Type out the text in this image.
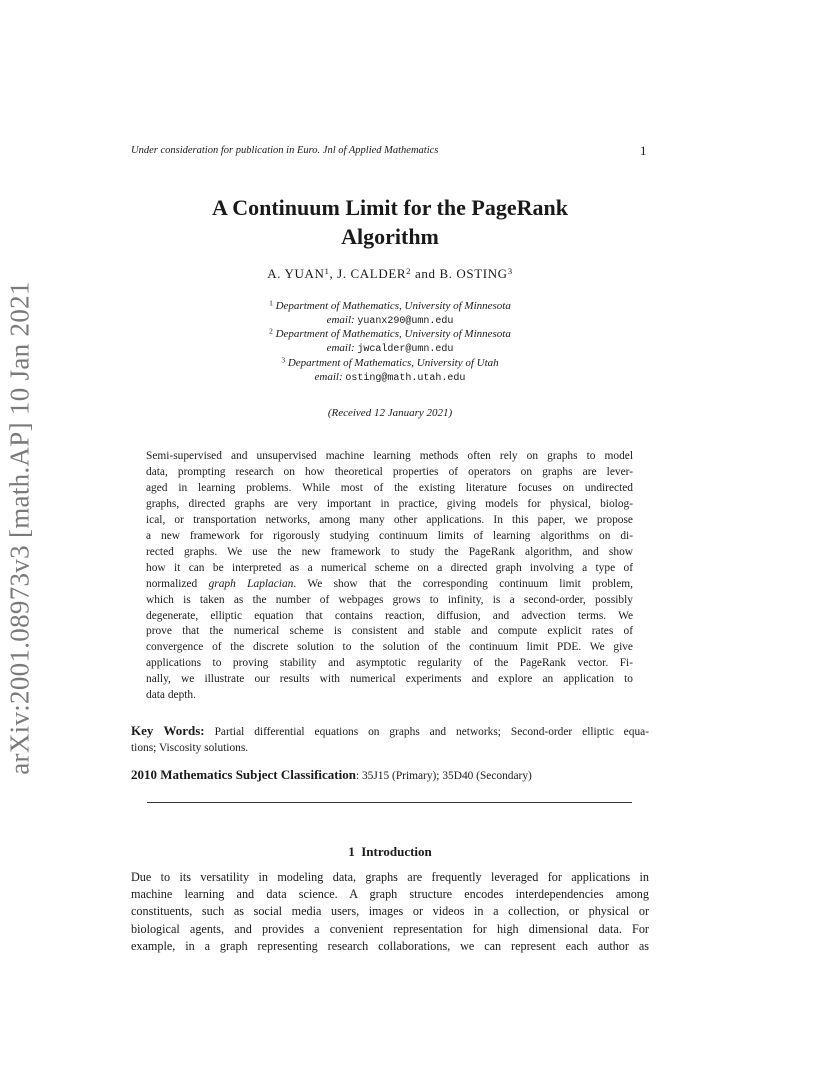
arXiv:2001.08973v3 [math.AP] 10 Jan 2021
Under consideration for publication in Euro. Jnl of Applied Mathematics	1
A Continuum Limit for the PageRank
Algorithm
A. YUAN$^1$, J. CALDER$^2$ and B. OSTING$^3$
$^1$ Department of Mathematics, University of Minnesota
email: yuanx290@umn.edu
$^2$ Department of Mathematics, University of Minnesota
email: jwcalder@umn.edu
$^3$ Department of Mathematics, University of Utah
email: osting@math.utah.edu
(Received 12 January 2021)
Semi-supervised and unsupervised machine learning methods often rely on graphs to model
data, prompting research on how theoretical properties of operators on graphs are lever-
aged in learning problems. While most of the existing literature focuses on undirected
graphs, directed graphs are very important in practice, giving models for physical, biolog-
ical, or transportation networks, among many other applications. In this paper, we propose
a new framework for rigorously studying continuum limits of learning algorithms on di-
rected graphs. We use the new framework to study the PageRank algorithm, and show
how it can be interpreted as a numerical scheme on a directed graph involving a type of
normalized graph Laplacian. We show that the corresponding continuum limit problem,
which is taken as the number of webpages grows to infinity, is a second-order, possibly
degenerate, elliptic equation that contains reaction, diffusion, and advection terms. We
prove that the numerical scheme is consistent and stable and compute explicit rates of
convergence of the discrete solution to the solution of the continuum limit PDE. We give
applications to proving stability and asymptotic regularity of the PageRank vector. Fi-
nally, we illustrate our results with numerical experiments and explore an application to
data depth.
Key Words: Partial differential equations on graphs and networks; Second-order elliptic equa-
tions; Viscosity solutions.
2010 Mathematics Subject Classification: 35J15 (Primary); 35D40 (Secondary)
1  Introduction
Due to its versatility in modeling data, graphs are frequently leveraged for applications in
machine learning and data science. A graph structure encodes interdependencies among
constituents, such as social media users, images or videos in a collection, or physical or
biological agents, and provides a convenient representation for high dimensional data. For
example, in a graph representing research collaborations, we can represent each author as
